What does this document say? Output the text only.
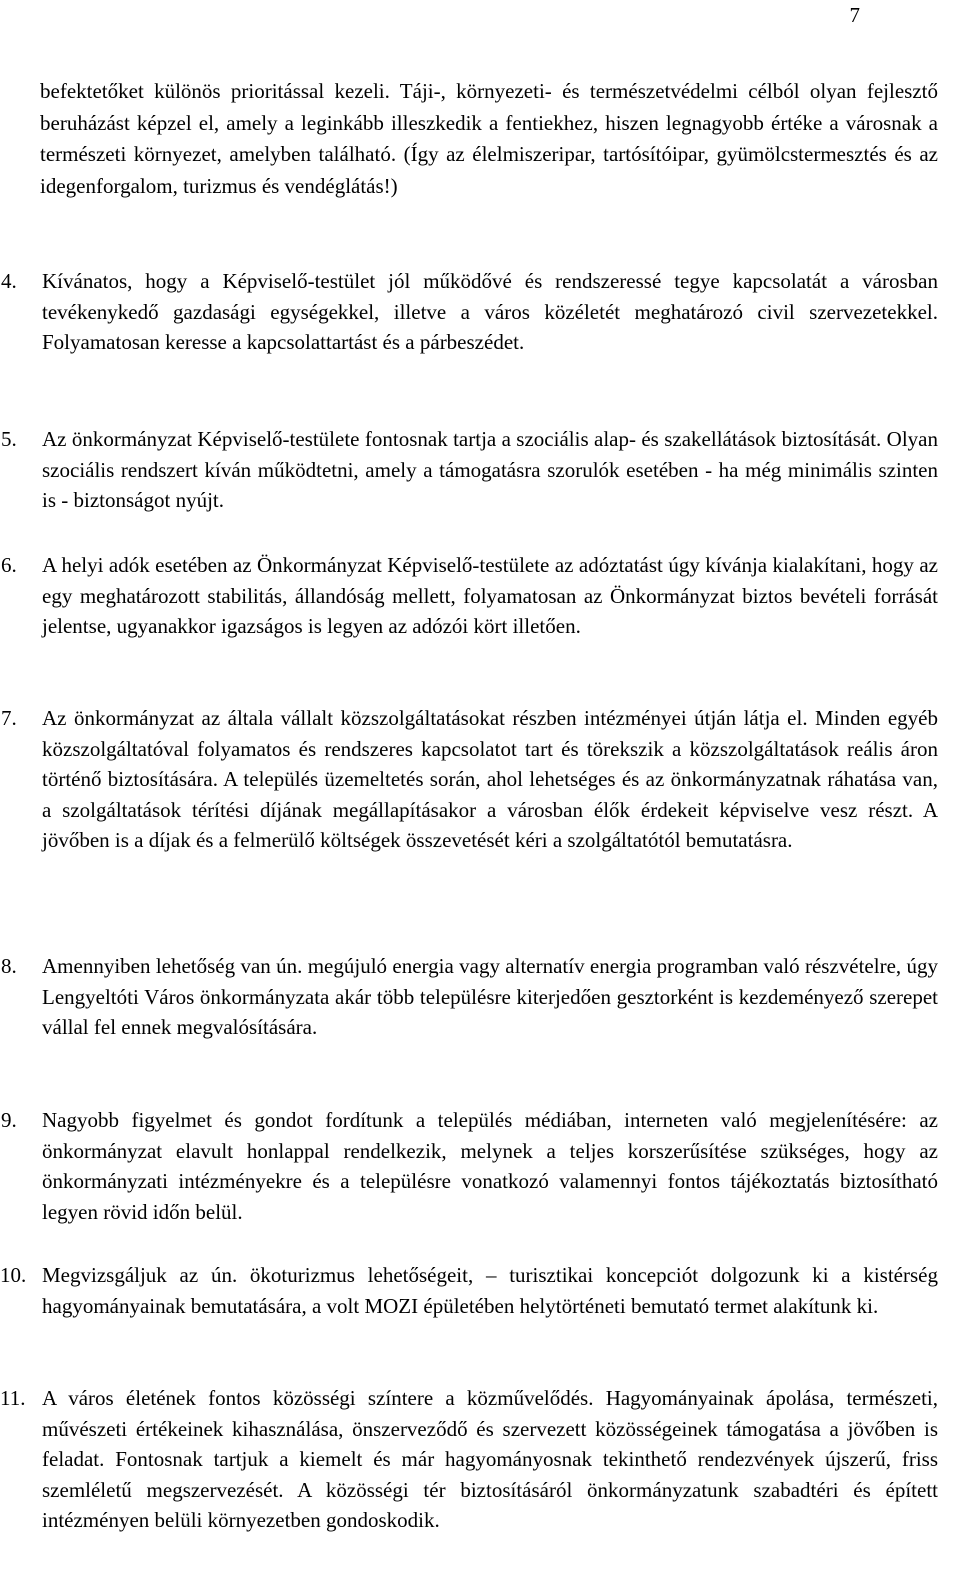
7
befektetőket különös prioritással kezeli. Táji-, környezeti- és természetvédelmi célból olyan fejlesztő beruházást képzel el, amely a leginkább illeszkedik a fentiekhez, hiszen legnagyobb értéke a városnak a természeti környezet, amelyben található. (Így az élelmiszeripar, tartósítóipar, gyümölcstermesztés és az idegenforgalom, turizmus és vendéglátás!)
4.	Kívánatos, hogy a Képviselő-testület jól működővé és rendszeressé tegye kapcsolatát a városban tevékenykedő gazdasági egységekkel, illetve a város közéletét meghatározó civil szervezetekkel. Folyamatosan keresse a kapcsolattartást és a párbeszédet.
5.	Az önkormányzat Képviselő-testülete fontosnak tartja a szociális alap- és szakellátások biztosítását. Olyan szociális rendszert kíván működtetni, amely a támogatásra szorulók esetében - ha még minimális szinten is - biztonságot nyújt.
6.	A helyi adók esetében az Önkormányzat Képviselő-testülete az adóztatást úgy kívánja kialakítani, hogy az egy meghatározott stabilitás, állandóság mellett, folyamatosan az Önkormányzat biztos bevételi forrását jelentse, ugyanakkor igazságos is legyen az adózói kört illetően.
7.	Az önkormányzat az általa vállalt közszolgáltatásokat részben intézményei útján látja el. Minden egyéb közszolgáltatóval folyamatos és rendszeres kapcsolatot tart és törekszik a közszolgáltatások reális áron történő biztosítására. A település üzemeltetés során, ahol lehetséges és az önkormányzatnak ráhatása van, a szolgáltatások térítési díjának megállapításakor a városban élők érdekeit képviselve vesz részt. A jövőben is a díjak és a felmerülő költségek összevetését kéri a szolgáltatótól bemutatásra.
8.	Amennyiben lehetőség van ún. megújuló energia vagy alternatív energia programban való részvételre, úgy Lengyeltóti Város önkormányzata akár több településre kiterjedően gesztorként is kezdeményező szerepet vállal fel ennek megvalósítására.
9.	Nagyobb figyelmet és gondot fordítunk a település médiában, interneten való megjelenítésére: az önkormányzat elavult honlappal rendelkezik, melynek a teljes korszerűsítése szükséges, hogy az önkormányzati intézményekre és a településre vonatkozó valamennyi fontos tájékoztatás biztosítható legyen rövid időn belül.
10. Megvizsgáljuk az ún. ökoturizmus lehetőségeit, – turisztikai koncepciót dolgozunk ki a kistérség hagyományainak bemutatására, a volt MOZI épületében helytörténeti bemutató termet alakítunk ki.
11. A város életének fontos közösségi színtere a közművelődés. Hagyományainak ápolása, természeti, művészeti értékeinek kihasználása, önszerveződő és szervezett közösségeinek támogatása a jövőben is feladat. Fontosnak tartjuk a kiemelt és már hagyományosnak tekinthető rendezvények újszerű, friss szemléletű megszervezését. A közösségi tér biztosításáról önkormányzatunk szabadtéri és épített intézményen belüli környezetben gondoskodik.
